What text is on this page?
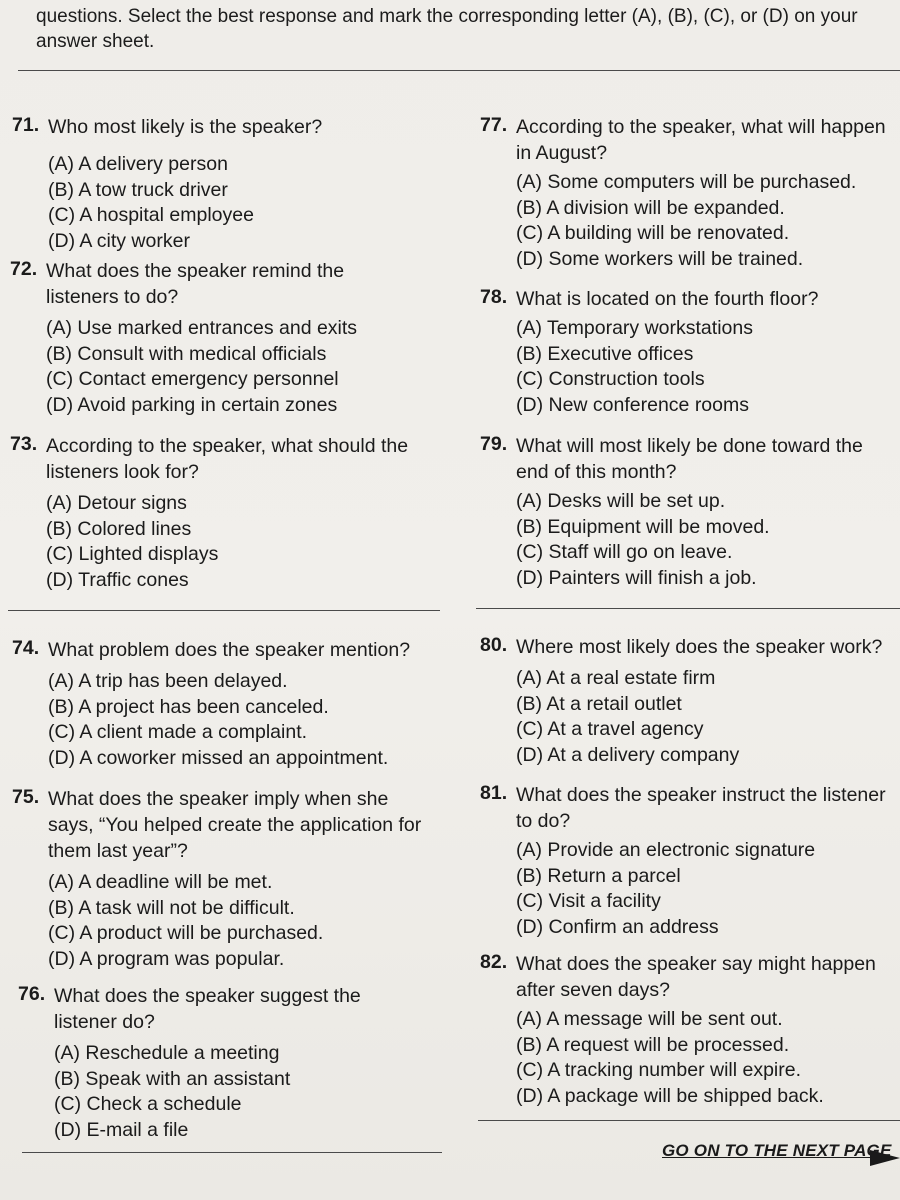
questions. Select the best response and mark the corresponding letter (A), (B), (C), or (D) on your answer sheet.
71. Who most likely is the speaker?
(A) A delivery person
(B) A tow truck driver
(C) A hospital employee
(D) A city worker
72. What does the speaker remind the
listeners to do?
(A) Use marked entrances and exits
(B) Consult with medical officials
(C) Contact emergency personnel
(D) Avoid parking in certain zones
73. According to the speaker, what should the
listeners look for?
(A) Detour signs
(B) Colored lines
(C) Lighted displays
(D) Traffic cones
74. What problem does the speaker mention?
(A) A trip has been delayed.
(B) A project has been canceled.
(C) A client made a complaint.
(D) A coworker missed an appointment.
75. What does the speaker imply when she
says, “You helped create the application for
them last year”?
(A) A deadline will be met.
(B) A task will not be difficult.
(C) A product will be purchased.
(D) A program was popular.
76. What does the speaker suggest the
listener do?
(A) Reschedule a meeting
(B) Speak with an assistant
(C) Check a schedule
(D) E-mail a file
77. According to the speaker, what will happen
in August?
(A) Some computers will be purchased.
(B) A division will be expanded.
(C) A building will be renovated.
(D) Some workers will be trained.
78. What is located on the fourth floor?
(A) Temporary workstations
(B) Executive offices
(C) Construction tools
(D) New conference rooms
79. What will most likely be done toward the
end of this month?
(A) Desks will be set up.
(B) Equipment will be moved.
(C) Staff will go on leave.
(D) Painters will finish a job.
80. Where most likely does the speaker work?
(A) At a real estate firm
(B) At a retail outlet
(C) At a travel agency
(D) At a delivery company
81. What does the speaker instruct the listener
to do?
(A) Provide an electronic signature
(B) Return a parcel
(C) Visit a facility
(D) Confirm an address
82. What does the speaker say might happen
after seven days?
(A) A message will be sent out.
(B) A request will be processed.
(C) A tracking number will expire.
(D) A package will be shipped back.
GO ON TO THE NEXT PAGE
